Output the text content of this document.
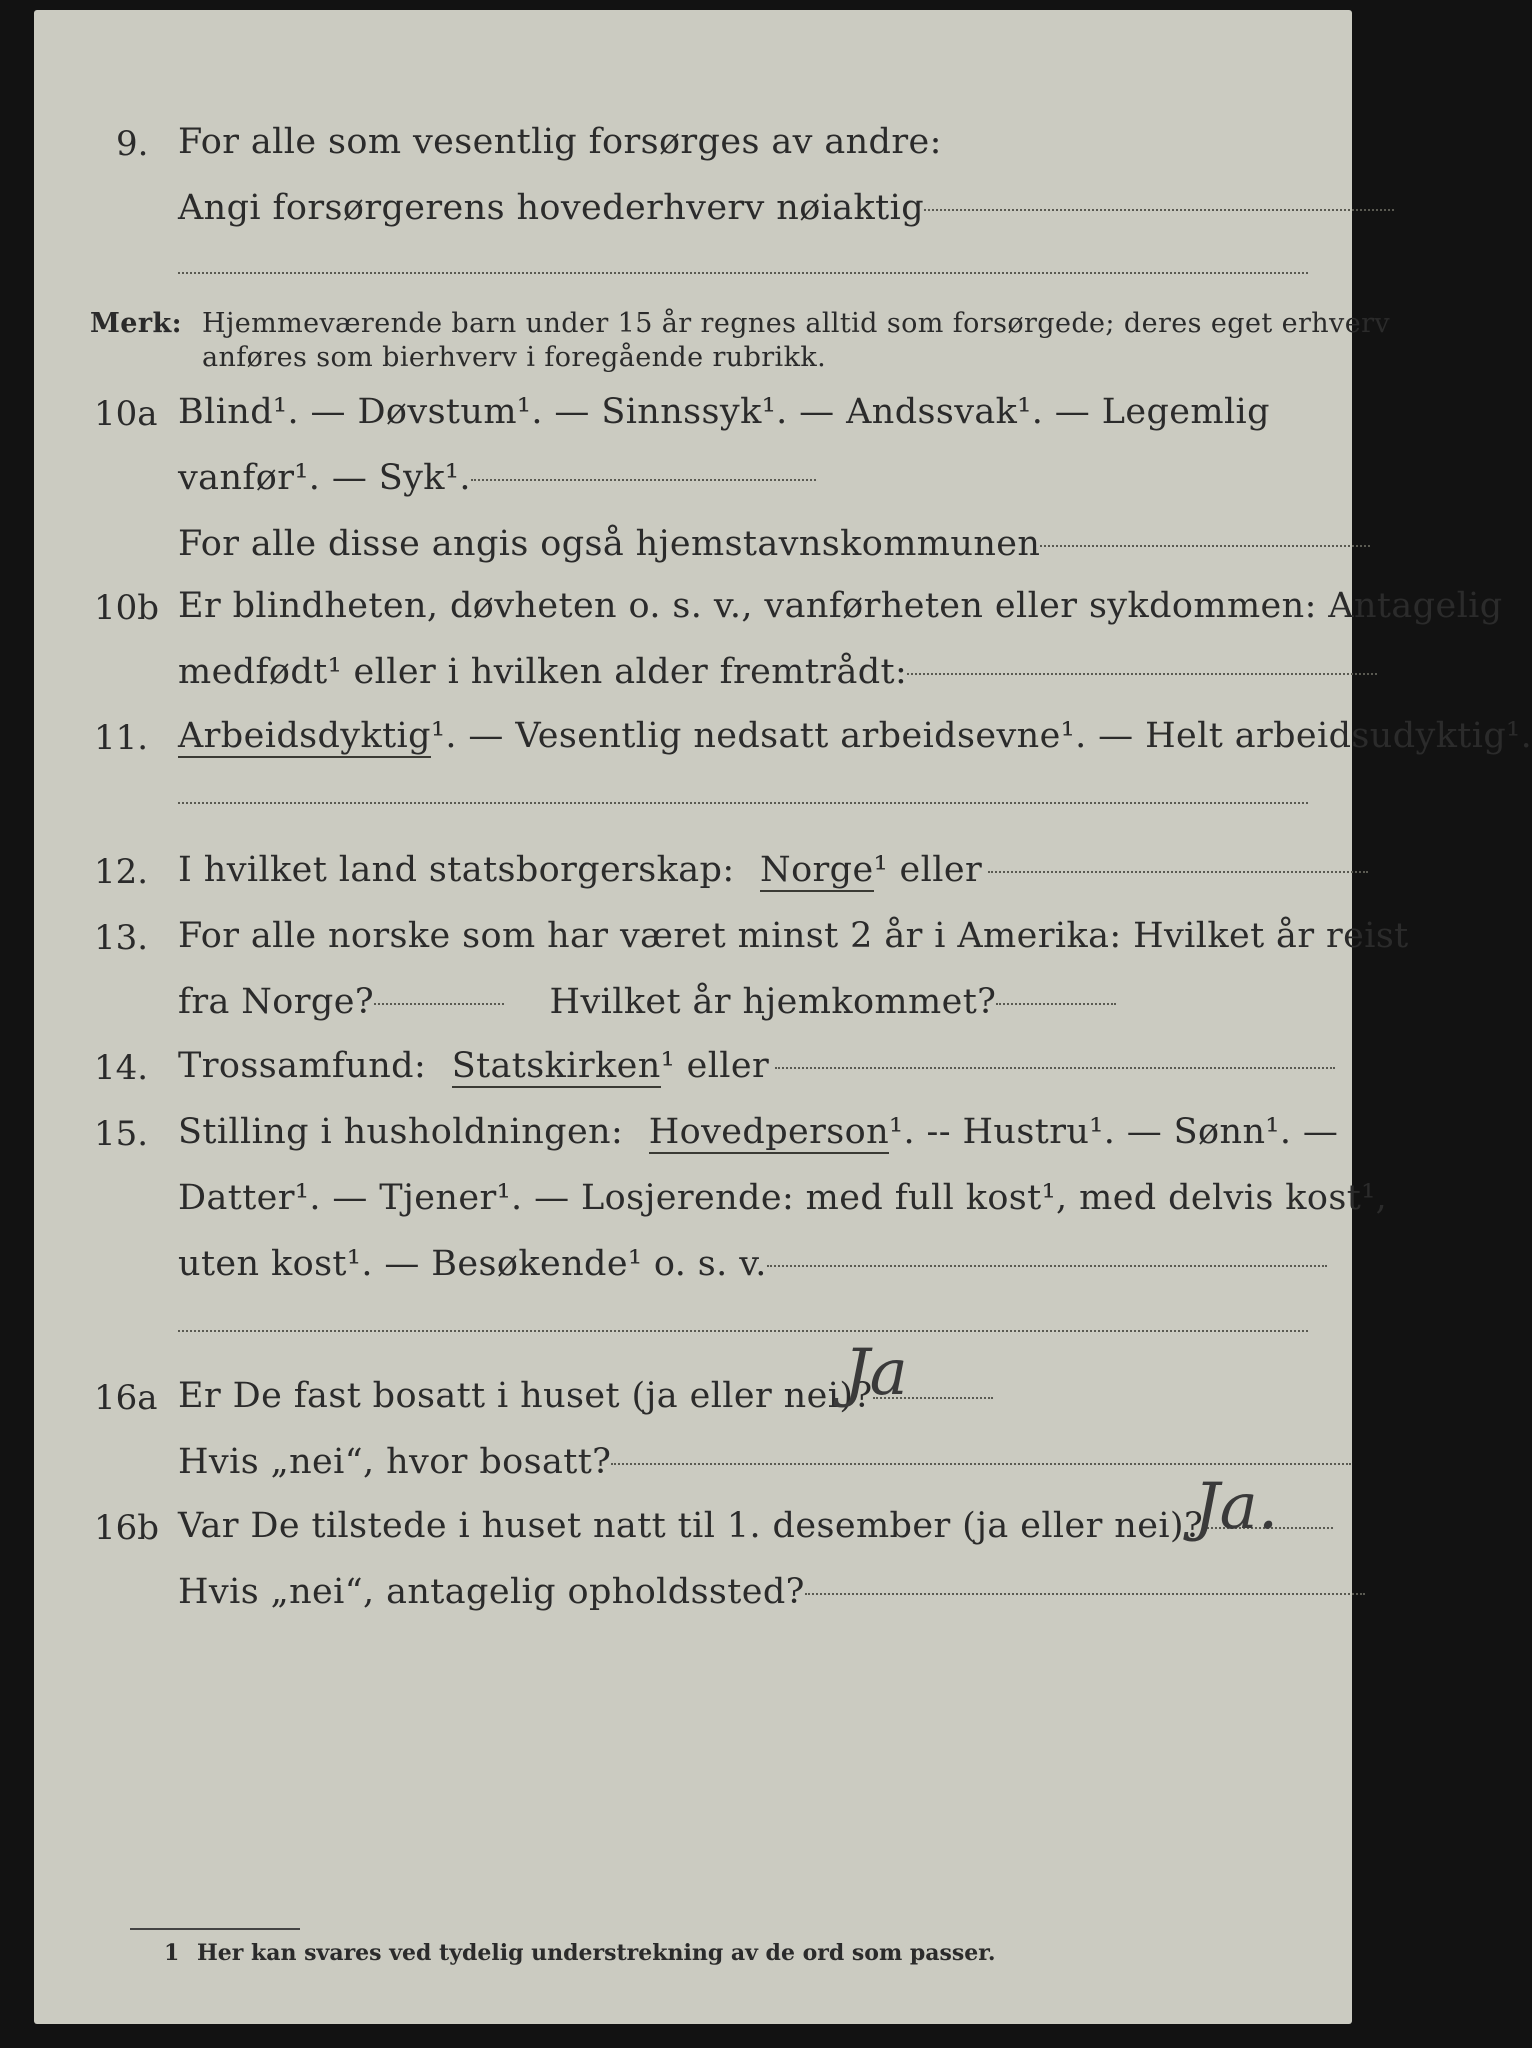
9. For alle som vesentlig forsørges av andre:
Angi forsørgerens hovederhverv nøiaktig
Merk: Hjemmeværende barn under 15 år regnes alltid som forsørgede; deres eget erhverv
anføres som bierhverv i foregående rubrikk.
10a Blind¹. — Døvstum¹. — Sinnssyk¹. — Andssvak¹. — Legemlig
vanfør¹. — Syk¹.
For alle disse angis også hjemstavnskommunen
10b Er blindheten, døvheten o. s. v., vanførheten eller sykdommen: Antagelig
medfødt¹ eller i hvilken alder fremtrådt:
11. Arbeidsdyktig¹. — Vesentlig nedsatt arbeidsevne¹. — Helt arbeidsudyktig¹.
12. I hvilket land statsborgerskap: Norge¹ eller
13. For alle norske som har været minst 2 år i Amerika: Hvilket år reist
fra Norge?	Hvilket år hjemkommet?
14. Trossamfund: Statskirken¹ eller
15. Stilling i husholdningen: Hovedperson¹. -- Hustru¹. — Sønn¹. —
Datter¹. — Tjener¹. — Losjerende: med full kost¹, med delvis kost¹,
uten kost¹. — Besøkende¹ o. s. v.
16a Er De fast bosatt i huset (ja eller nei)?
Ja
Hvis „nei“, hvor bosatt?
16b Var De tilstede i huset natt til 1. desember (ja eller nei)?
Ja.
Hvis „nei“, antagelig opholdssted?
1 Her kan svares ved tydelig understrekning av de ord som passer.
